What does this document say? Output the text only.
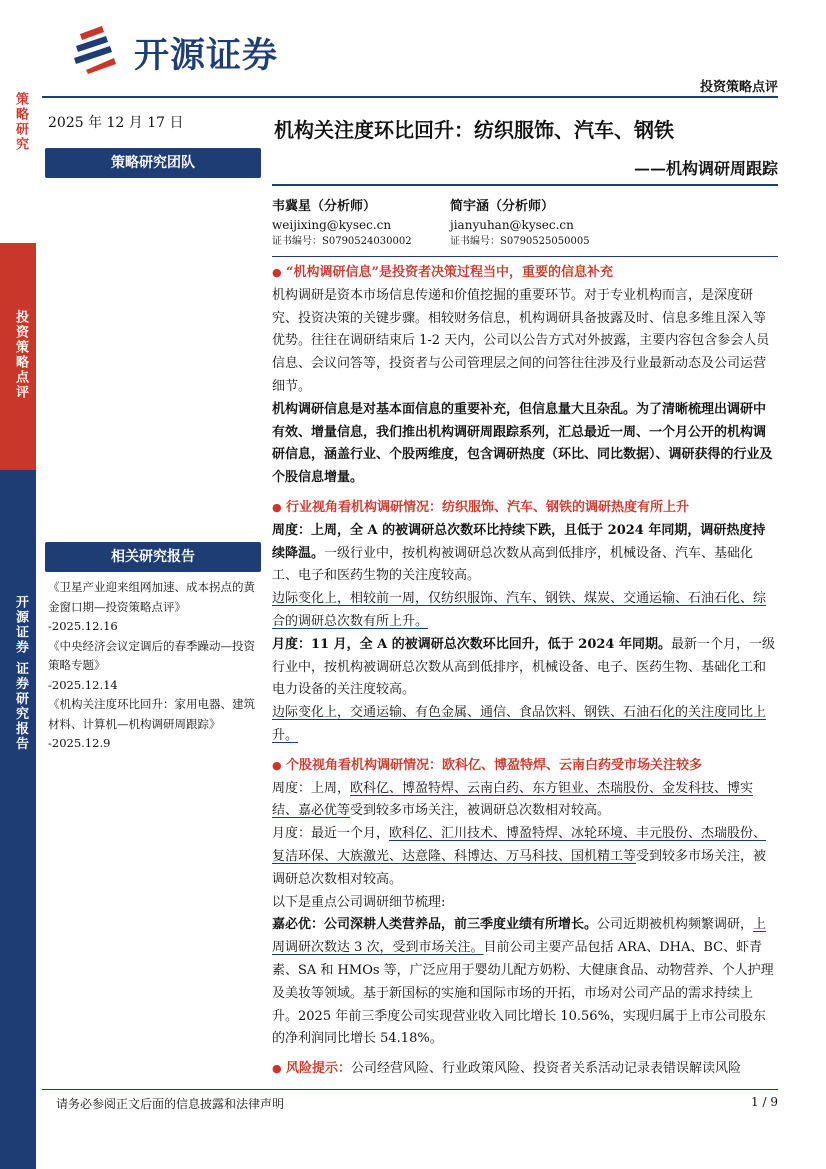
开源证券
投资策略点评
策略研究
投资策略点评
开源证券 证券研究报告
2025 年 12 月 17 日
策略研究团队
相关研究报告
《卫星产业迎来组网加速、成本拐点的黄金窗口期—投资策略点评》
-2025.12.16
《中央经济会议定调后的春季躁动—投资策略专题》
-2025.12.14
《机构关注度环比回升：家用电器、建筑材料、计算机—机构调研周跟踪》
-2025.12.9
机构关注度环比回升：纺织服饰、汽车、钢铁
——机构调研周跟踪
韦冀星（分析师）
weijixing@kysec.cn
证书编号：S0790524030002
简宇涵（分析师）
jianyuhan@kysec.cn
证书编号：S0790525050005
● “机构调研信息”是投资者决策过程当中，重要的信息补充

机构调研是资本市场信息传递和价值挖掘的重要环节。对于专业机构而言，是深度研究、投资决策的关键步骤。相较财务信息，机构调研具备披露及时、信息多维且深入等优势。往往在调研结束后 1-2 天内，公司以公告方式对外披露，主要内容包含参会人员信息、会议问答等，投资者与公司管理层之间的问答往往涉及行业最新动态及公司运营细节。

机构调研信息是对基本面信息的重要补充，但信息量大且杂乱。为了清晰梳理出调研中有效、增量信息，我们推出机构调研周跟踪系列，汇总最近一周、一个月公开的机构调研信息，涵盖行业、个股两维度，包含调研热度（环比、同比数据）、调研获得的行业及个股信息增量。

● 行业视角看机构调研情况：纺织服饰、汽车、钢铁的调研热度有所上升

周度：上周，全 A 的被调研总次数环比持续下跌，且低于 2024 年同期，调研热度持续降温。一级行业中，按机构被调研总次数从高到低排序，机械设备、汽车、基础化工、电子和医药生物的关注度较高。

边际变化上，相较前一周，仅纺织服饰、汽车、钢铁、煤炭、交通运输、石油石化、综合的调研总次数有所上升。

月度：11 月，全 A 的被调研总次数环比回升，低于 2024 年同期。最新一个月，一级行业中，按机构被调研总次数从高到低排序，机械设备、电子、医药生物、基础化工和电力设备的关注度较高。

边际变化上，交通运输、有色金属、通信、食品饮料、钢铁、石油石化的关注度同比上升。

● 个股视角看机构调研情况：欧科亿、博盈特焊、云南白药受市场关注较多

周度：上周，欧科亿、博盈特焊、云南白药、东方钽业、杰瑞股份、金发科技、博实结、嘉必优等受到较多市场关注，被调研总次数相对较高。

月度：最近一个月，欧科亿、汇川技术、博盈特焊、冰轮环境、丰元股份、杰瑞股份、复洁环保、大族激光、达意隆、科博达、万马科技、国机精工等受到较多市场关注，被调研总次数相对较高。

以下是重点公司调研细节梳理:

嘉必优：公司深耕人类营养品，前三季度业绩有所增长。公司近期被机构频繁调研，上周调研次数达 3 次，受到市场关注。目前公司主要产品包括 ARA、DHA、BC、虾青素、SA 和 HMOs 等，广泛应用于婴幼儿配方奶粉、大健康食品、动物营养、个人护理及美妆等领域。基于新国标的实施和国际市场的开拓，市场对公司产品的需求持续上升。2025 年前三季度公司实现营业收入同比增长 10.56%，实现归属于上市公司股东的净利润同比增长 54.18%。

● 风险提示：公司经营风险、行业政策风险、投资者关系活动记录表错误解读风险

请务必参阅正文后面的信息披露和法律声明	1 / 9
